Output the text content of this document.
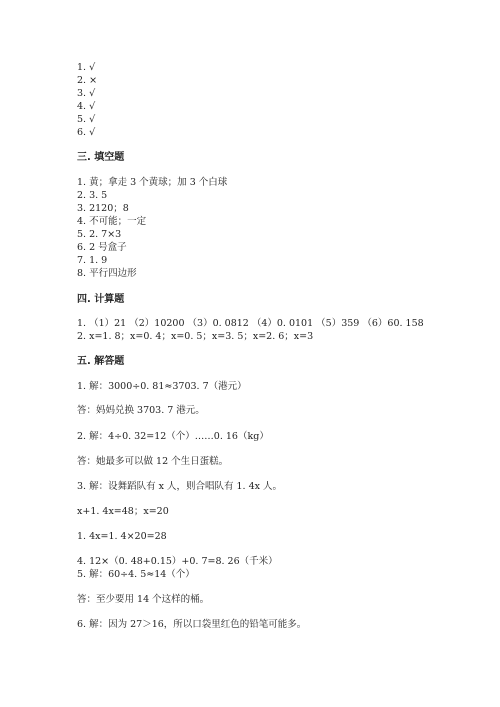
1. √
2. ×
3. √
4. √
5. √
6. √
三. 填空题
1. 黄；拿走 3 个黄球；加 3 个白球
2. 3. 5
3. 2120；8
4. 不可能；一定
5. 2. 7×3
6. 2 号盒子
7. 1. 9
8. 平行四边形
四. 计算题
1. （1）21 （2）10200 （3）0. 0812 （4）0. 0101 （5）359 （6）60. 158
2. x=1. 8；x=0. 4；x=0. 5；x=3. 5；x=2. 6；x=3
五. 解答题
1. 解：3000÷0. 81≈3703. 7（港元）
答：妈妈兑换 3703. 7 港元。
2. 解：4÷0. 32=12（个）……0. 16（kg）
答：她最多可以做 12 个生日蛋糕。
3. 解：设舞蹈队有 x 人，则合唱队有 1. 4x 人。
x+1. 4x=48；x=20
1. 4x=1. 4×20=28
4. 12×（0. 48+0.15）+0. 7=8. 26（千米）
5. 解：60÷4. 5≈14（个）
答：至少要用 14 个这样的桶。
6. 解：因为 27＞16，所以口袋里红色的铅笔可能多。
